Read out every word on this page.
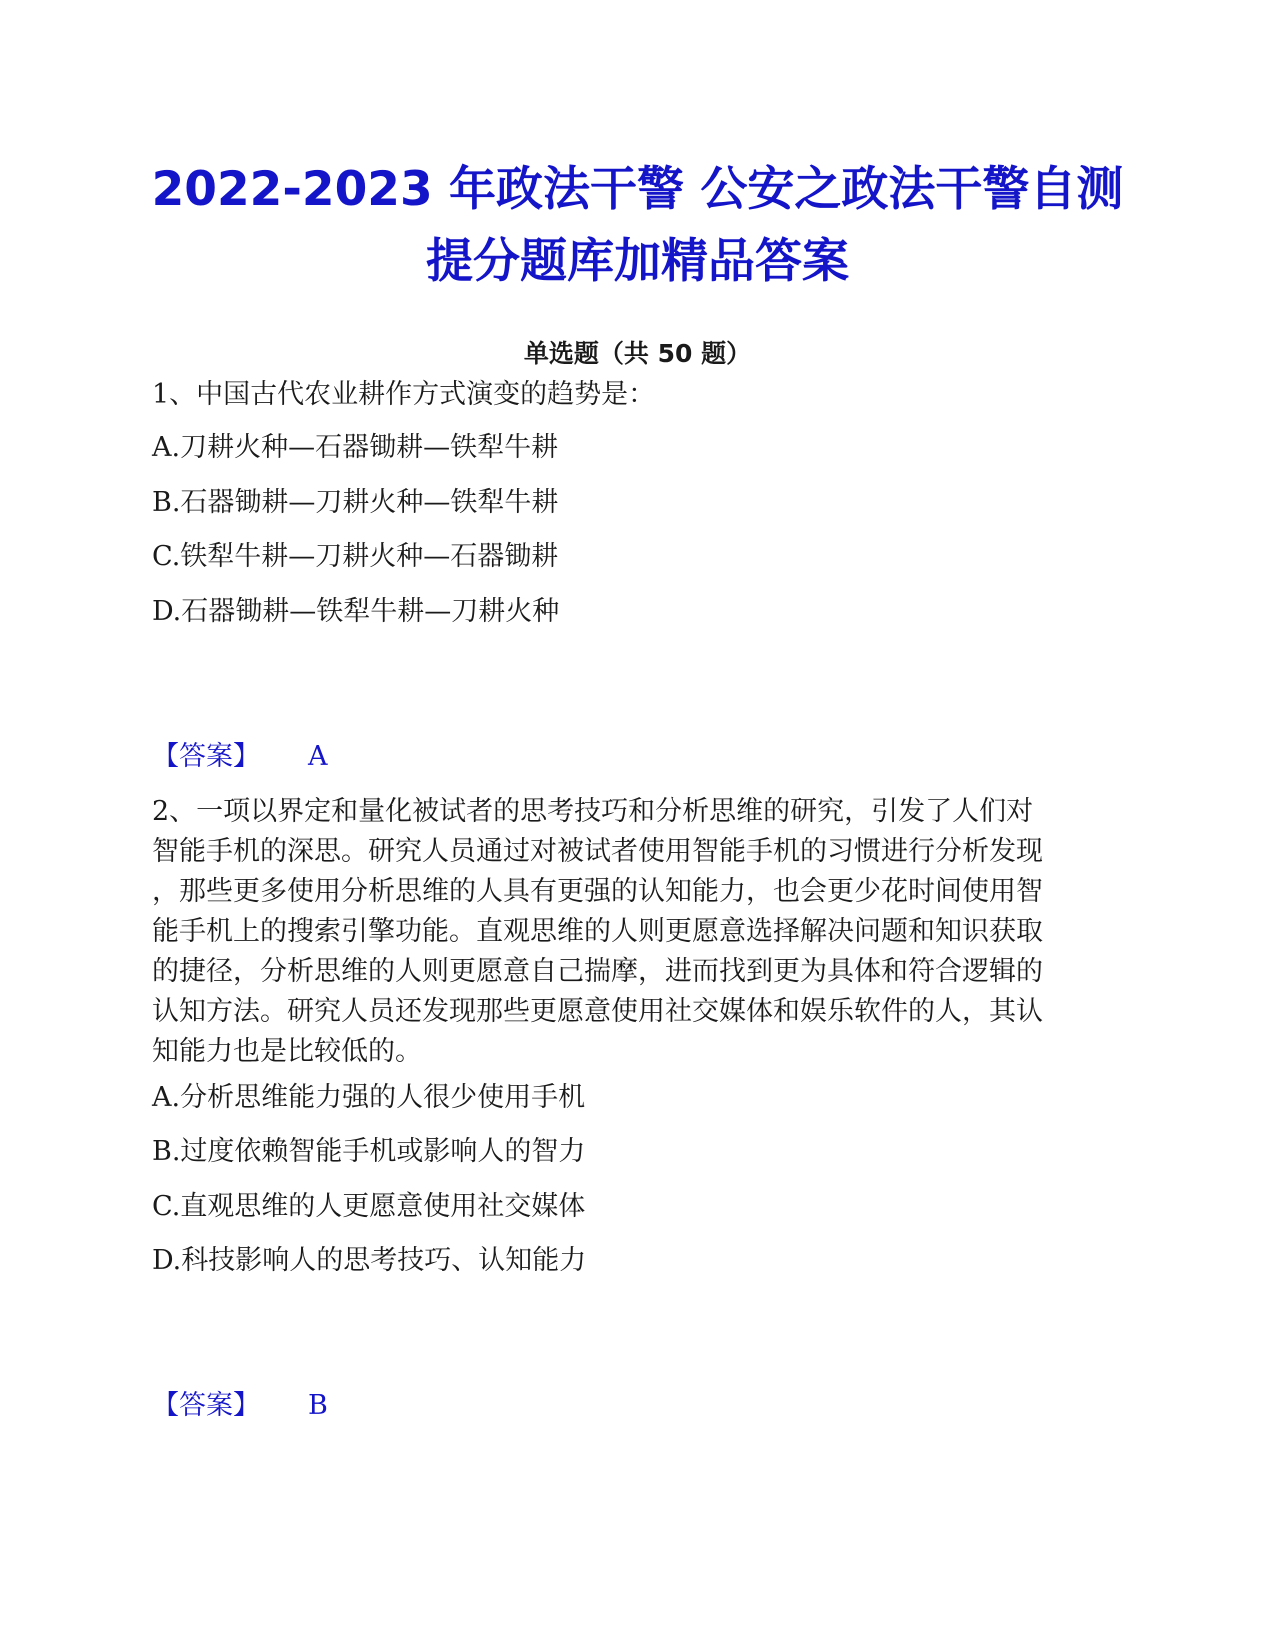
2022-2023 年政法干警 公安之政法干警自测
提分题库加精品答案
单选题（共 50 题）
1、中国古代农业耕作方式演变的趋势是：
A.刀耕火种—石器锄耕—铁犁牛耕
B.石器锄耕—刀耕火种—铁犁牛耕
C.铁犁牛耕—刀耕火种—石器锄耕
D.石器锄耕—铁犁牛耕—刀耕火种
【答案】 A
2、一项以界定和量化被试者的思考技巧和分析思维的研究，引发了人们对
智能手机的深思。研究人员通过对被试者使用智能手机的习惯进行分析发现
，那些更多使用分析思维的人具有更强的认知能力，也会更少花时间使用智
能手机上的搜索引擎功能。直观思维的人则更愿意选择解决问题和知识获取
的捷径，分析思维的人则更愿意自己揣摩，进而找到更为具体和符合逻辑的
认知方法。研究人员还发现那些更愿意使用社交媒体和娱乐软件的人，其认
知能力也是比较低的。
A.分析思维能力强的人很少使用手机
B.过度依赖智能手机或影响人的智力
C.直观思维的人更愿意使用社交媒体
D.科技影响人的思考技巧、认知能力
【答案】 B
